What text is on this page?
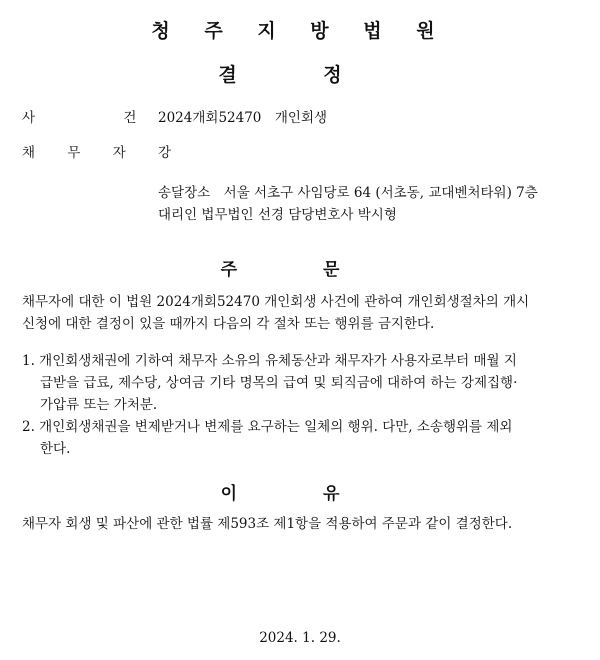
청 주 지 방 법 원
결 정
사 건
2024개회52470　개인회생
채 무 자 강
송달장소　서울 서초구 사임당로 64 (서초동, 교대벤처타워) 7층
대리인 법무법인 선경 담당변호사 박시형
주 문
채무자에 대한 이 법원 2024개회52470 개인회생 사건에 관하여 개인회생절차의 개시
신청에 대한 결정이 있을 때까지 다음의 각 절차 또는 행위를 금지한다.
1. 개인회생채권에 기하여 채무자 소유의 유체동산과 채무자가 사용자로부터 매월 지
급받을 급료, 제수당, 상여금 기타 명목의 급여 및 퇴직금에 대하여 하는 강제집행·
가압류 또는 가처분.
2. 개인회생채권을 변제받거나 변제를 요구하는 일체의 행위. 다만, 소송행위를 제외
한다.
이 유
채무자 회생 및 파산에 관한 법률 제593조 제1항을 적용하여 주문과 같이 결정한다.
2024. 1. 29.
